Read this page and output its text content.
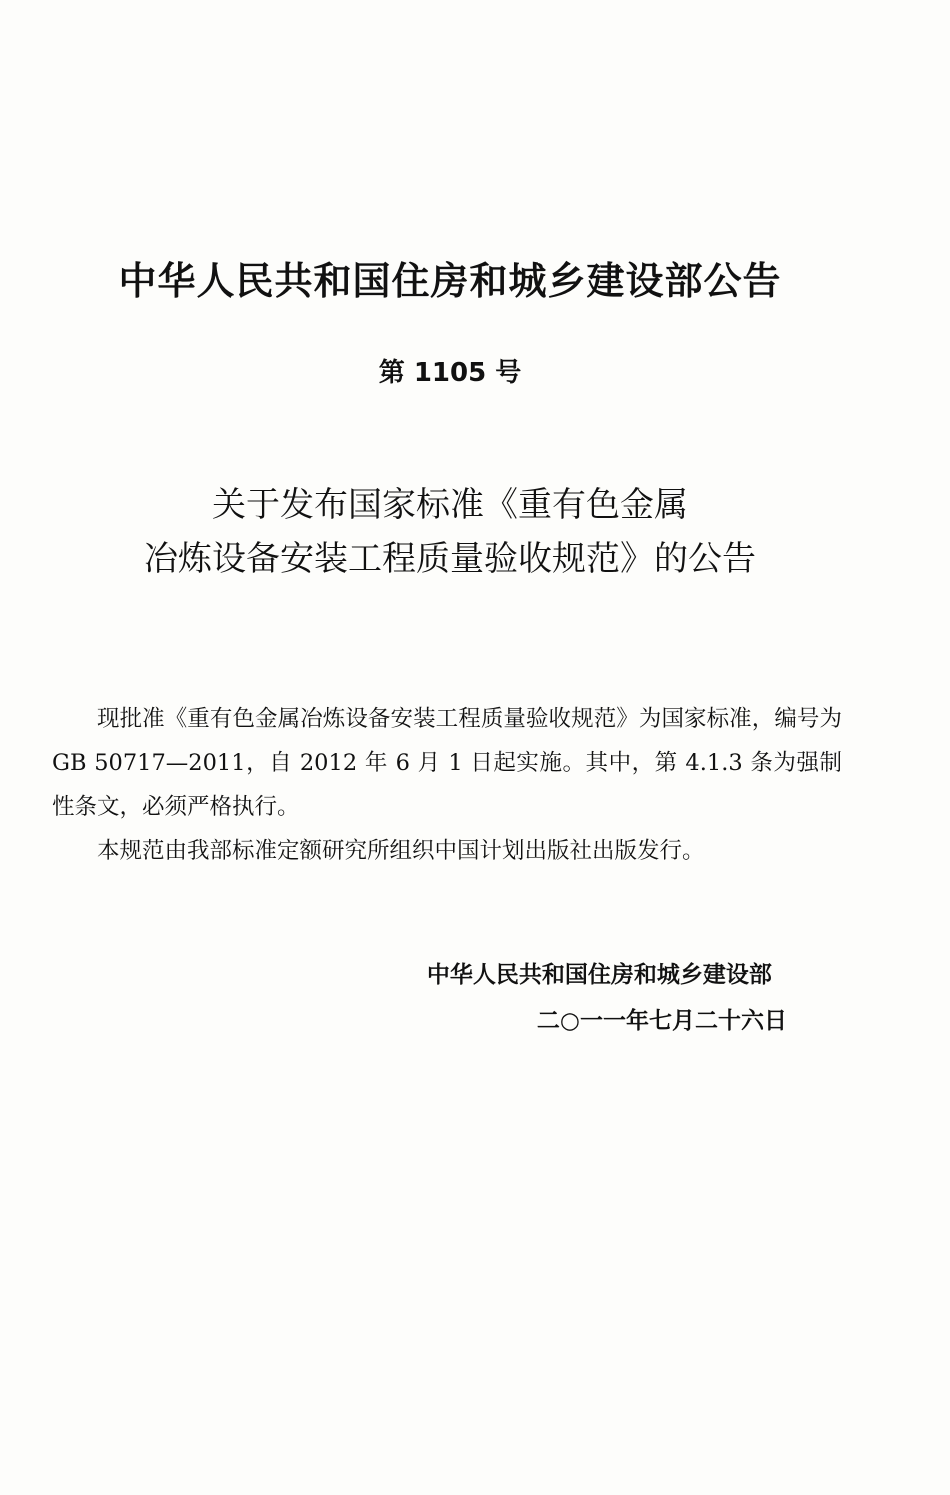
中华人民共和国住房和城乡建设部公告
第 1105 号
关于发布国家标准《重有色金属
冶炼设备安装工程质量验收规范》的公告

现批准《重有色金属冶炼设备安装工程质量验收规范》为国家标准，编号为 GB 50717—2011，自 2012 年 6 月 1 日起实施。其中，第 4.1.3 条为强制性条文，必须严格执行。

本规范由我部标准定额研究所组织中国计划出版社出版发行。

中华人民共和国住房和城乡建设部
二○一一年七月二十六日
